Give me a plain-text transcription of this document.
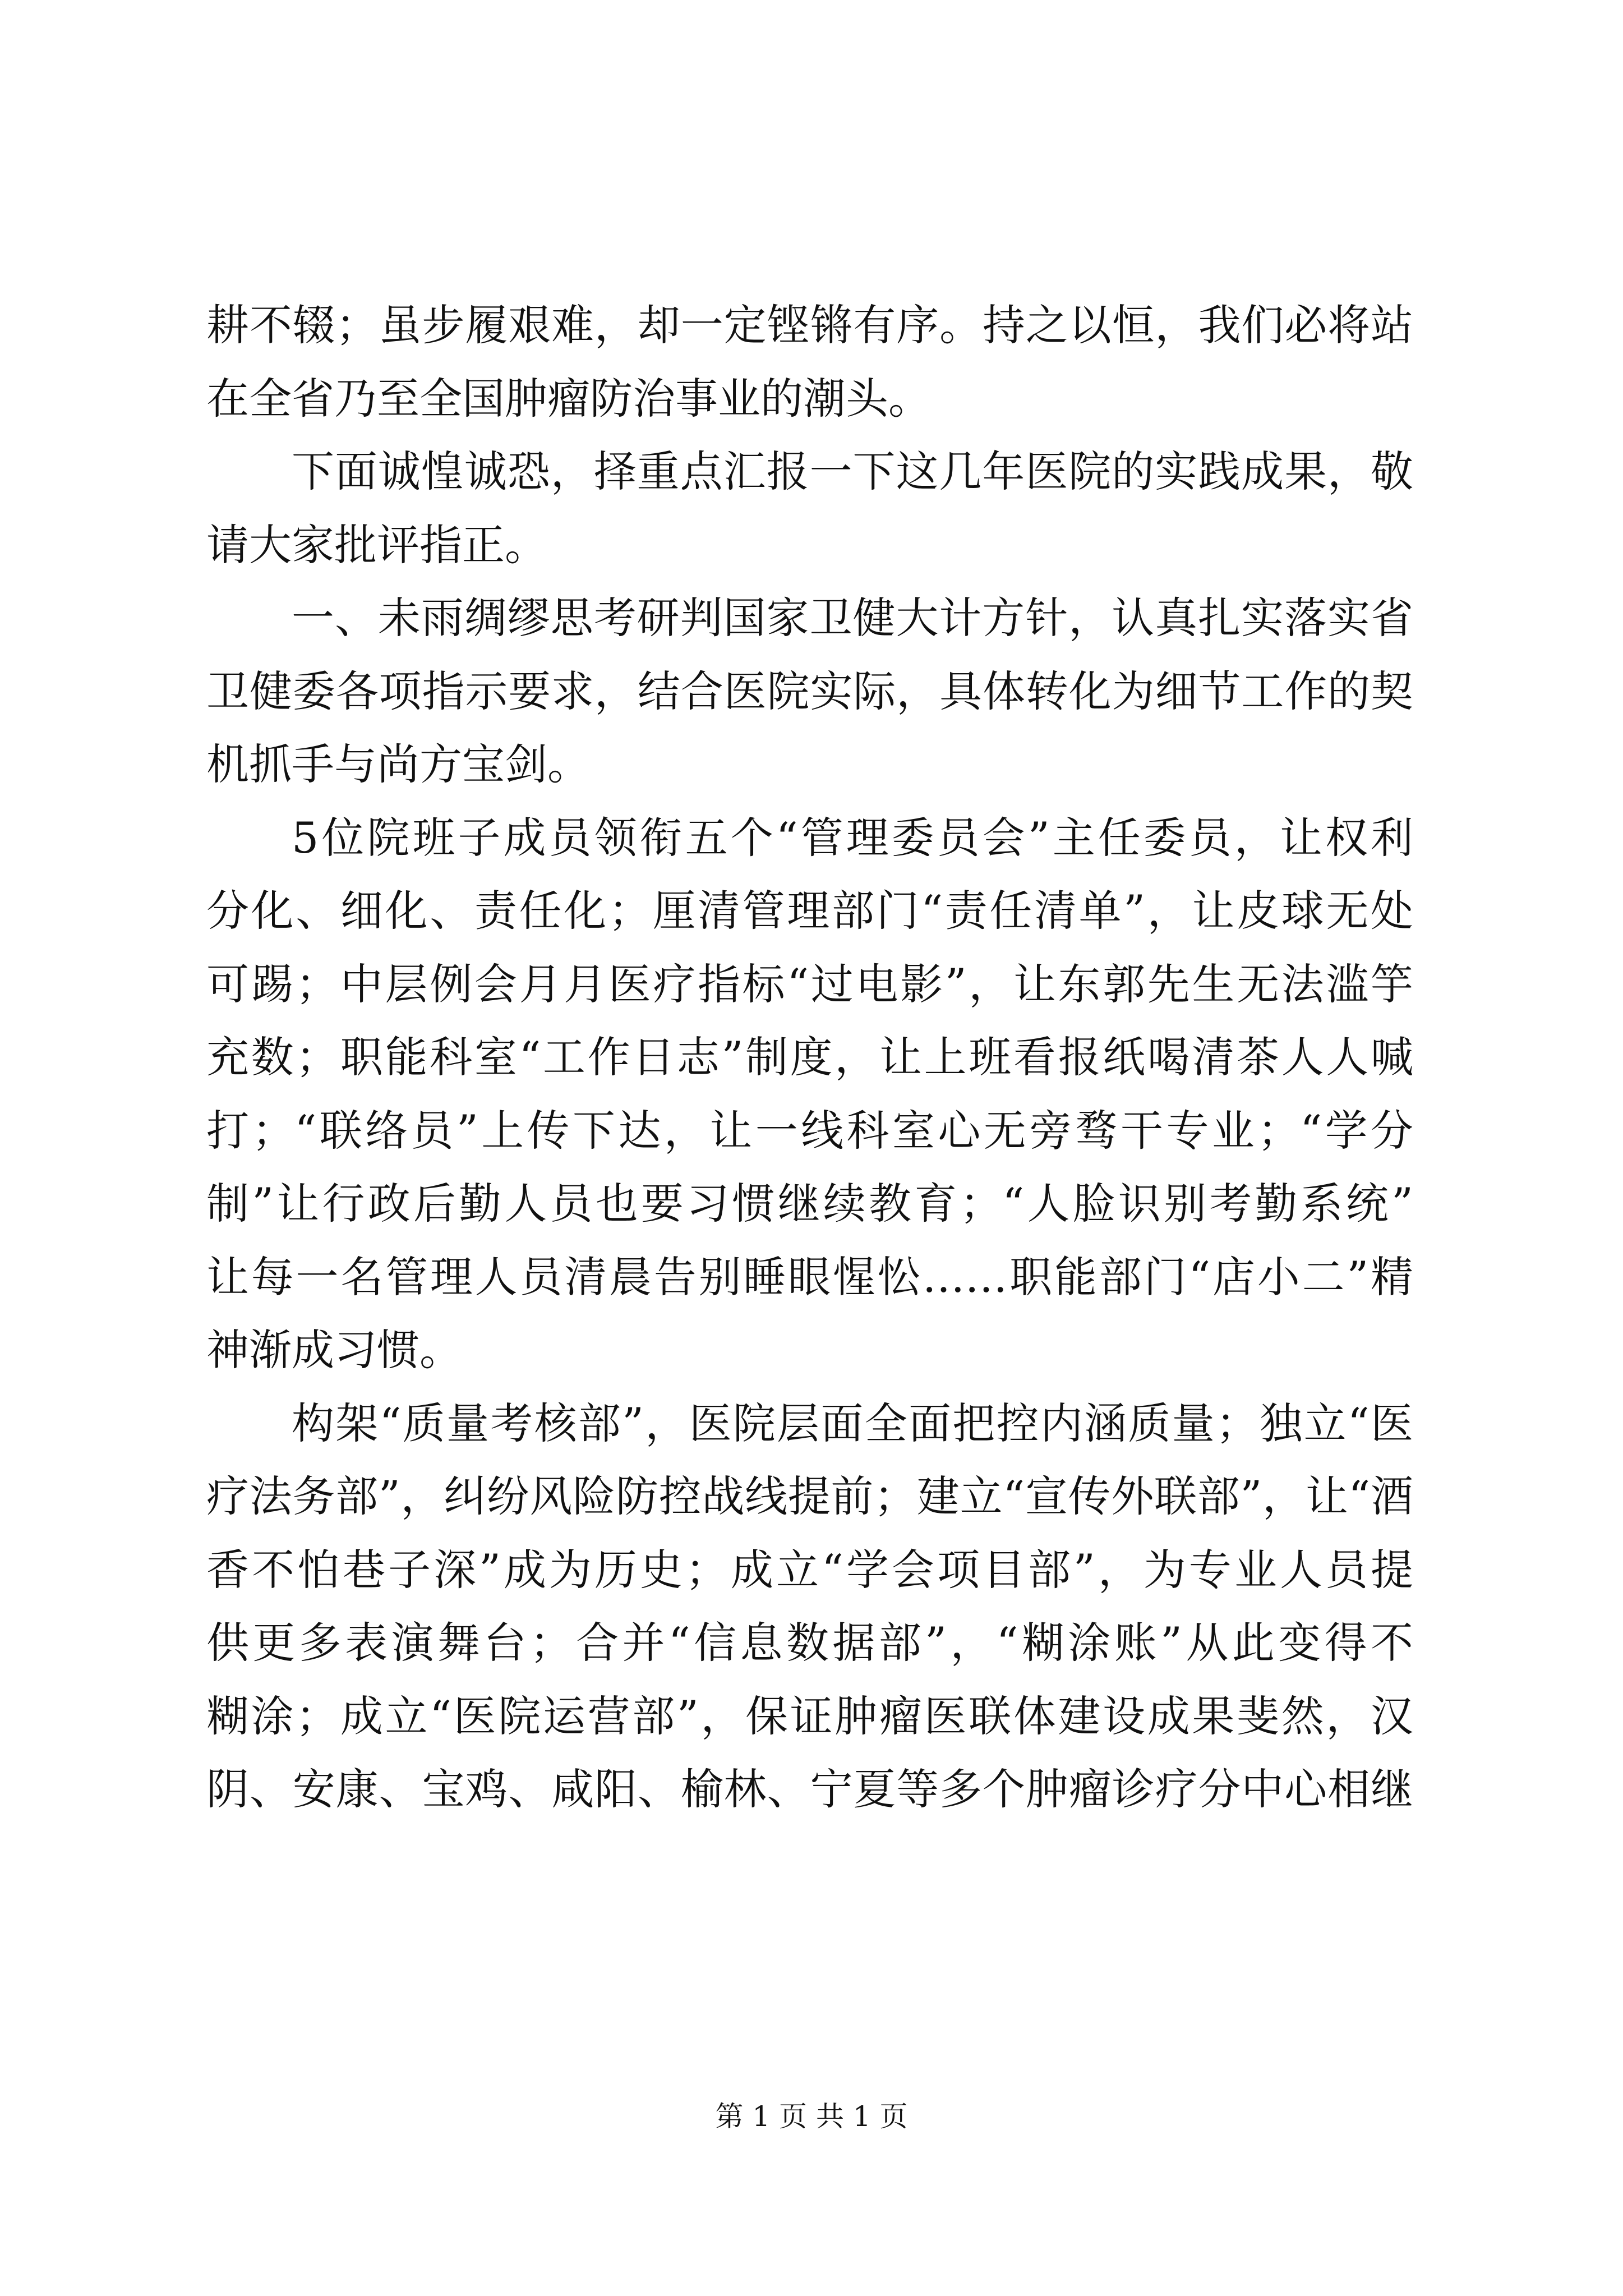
耕不辍；虽步履艰难，却一定铿锵有序。持之以恒，我们必将站
在全省乃至全国肿瘤防治事业的潮头。
下面诚惶诚恐，择重点汇报一下这几年医院的实践成果，敬
请大家批评指正。
一、未雨绸缪思考研判国家卫健大计方针，认真扎实落实省
卫健委各项指示要求，结合医院实际，具体转化为细节工作的契
机抓手与尚方宝剑。
5位院班子成员领衔五个“管理委员会”主任委员，让权利
分化、细化、责任化；厘清管理部门“责任清单”，让皮球无处
可踢；中层例会月月医疗指标“过电影”，让东郭先生无法滥竽
充数；职能科室“工作日志”制度，让上班看报纸喝清茶人人喊
打；“联络员”上传下达，让一线科室心无旁骛干专业；“学分
制”让行政后勤人员也要习惯继续教育；“人脸识别考勤系统”
让每一名管理人员清晨告别睡眼惺忪……职能部门“店小二”精
神渐成习惯。
构架“质量考核部”，医院层面全面把控内涵质量；独立“医
疗法务部”，纠纷风险防控战线提前；建立“宣传外联部”，让“酒
香不怕巷子深”成为历史；成立“学会项目部”，为专业人员提
供更多表演舞台；合并“信息数据部”，“糊涂账”从此变得不
糊涂；成立“医院运营部”，保证肿瘤医联体建设成果斐然，汉
阴、安康、宝鸡、咸阳、榆林、宁夏等多个肿瘤诊疗分中心相继
第 1 页 共 1 页
